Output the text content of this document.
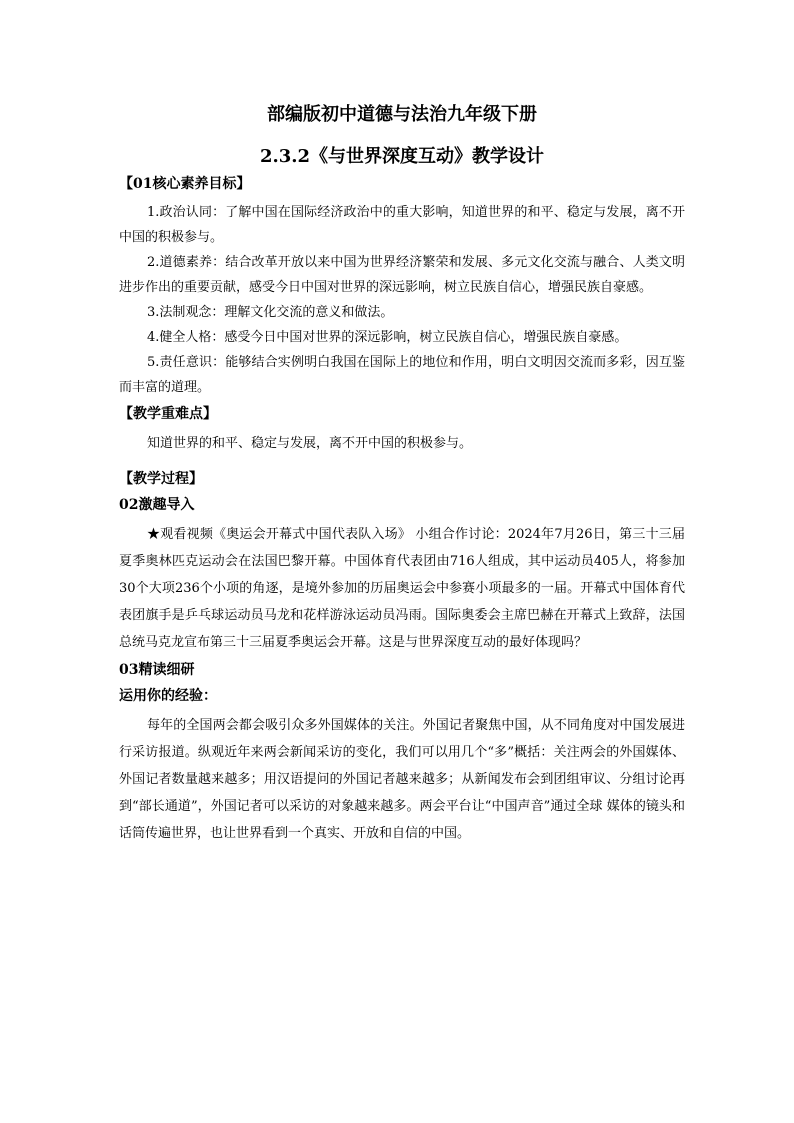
部编版初中道德与法治九年级下册
2.3.2《与世界深度互动》教学设计
【01核心素养目标】

1.政治认同：了解中国在国际经济政治中的重大影响，知道世界的和平、稳定与发展，离不开中国的积极参与。

2.道德素养：结合改革开放以来中国为世界经济繁荣和发展、多元文化交流与融合、人类文明进步作出的重要贡献，感受今日中国对世界的深远影响，树立民族自信心，增强民族自豪感。

3.法制观念：理解文化交流的意义和做法。

4.健全人格：感受今日中国对世界的深远影响，树立民族自信心，增强民族自豪感。

5.责任意识：能够结合实例明白我国在国际上的地位和作用，明白文明因交流而多彩，因互鉴而丰富的道理。

【教学重难点】

知道世界的和平、稳定与发展，离不开中国的积极参与。

【教学过程】
02激趣导入

★观看视频《奥运会开幕式中国代表队入场》 小组合作讨论：2024年7月26日，第三十三届夏季奥林匹克运动会在法国巴黎开幕。中国体育代表团由716人组成，其中运动员405人，将参加30个大项236个小项的角逐，是境外参加的历届奥运会中参赛小项最多的一届。开幕式中国体育代表团旗手是乒乓球运动员马龙和花样游泳运动员冯雨。国际奥委会主席巴赫在开幕式上致辞，法国总统马克龙宣布第三十三届夏季奥运会开幕。这是与世界深度互动的最好体现吗？

03精读细研
运用你的经验：

每年的全国两会都会吸引众多外国媒体的关注。外国记者聚焦中国，从不同角度对中国发展进行采访报道。纵观近年来两会新闻采访的变化，我们可以用几个“多”概括：关注两会的外国媒体、外国记者数量越来越多；用汉语提问的外国记者越来越多；从新闻发布会到团组审议、分组讨论再到“部长通道”，外国记者可以采访的对象越来越多。两会平台让“中国声音”通过全球 媒体的镜头和话筒传遍世界，也让世界看到一个真实、开放和自信的中国。
